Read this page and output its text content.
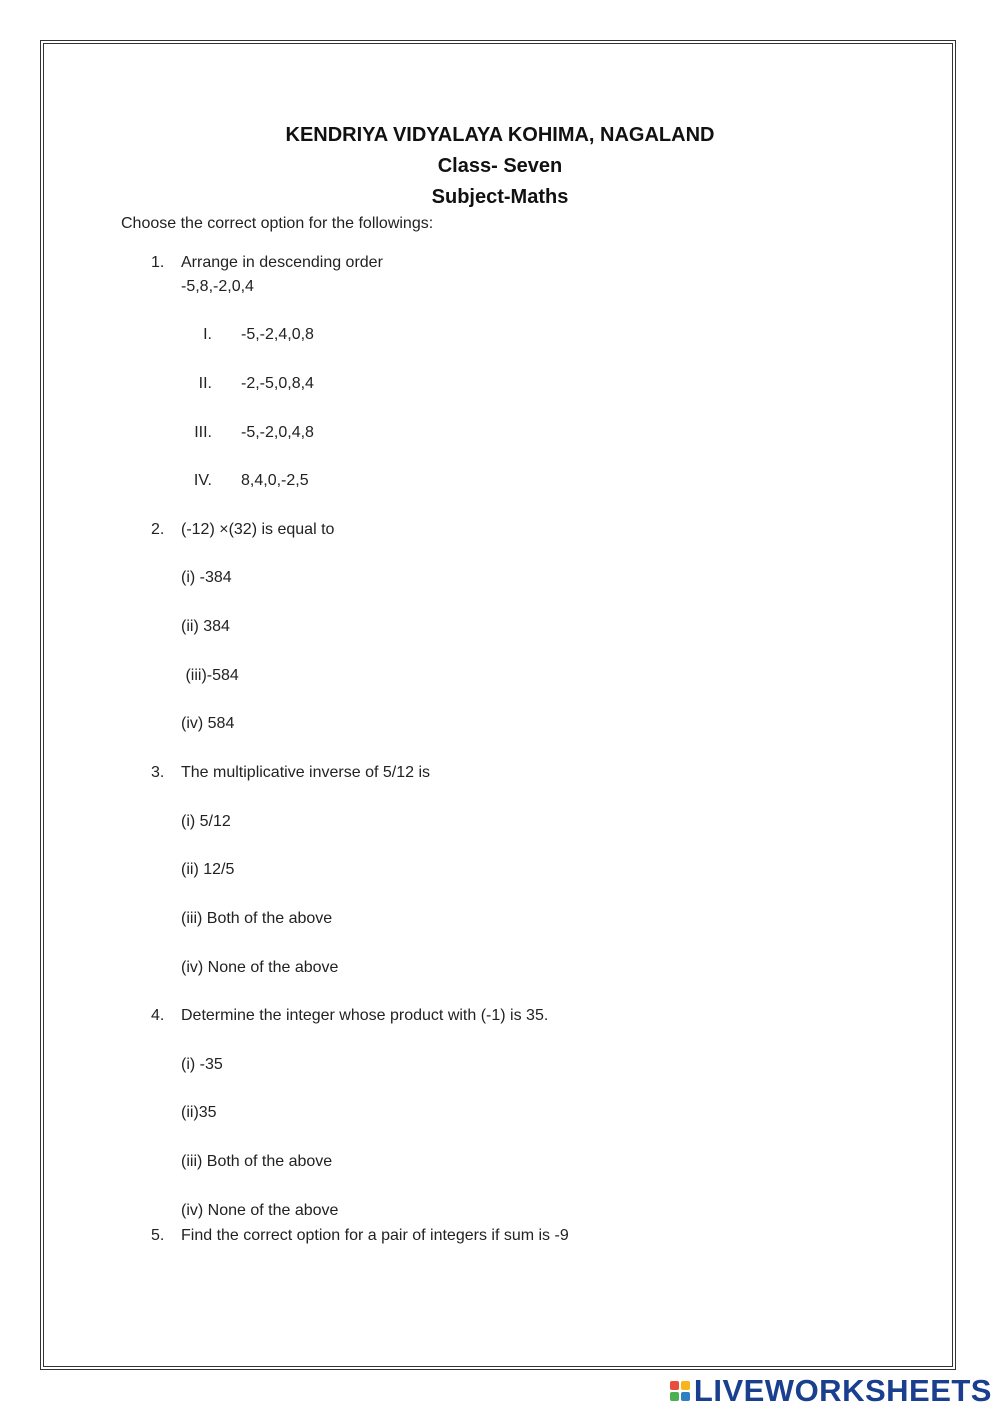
KENDRIYA VIDYALAYA KOHIMA, NAGALAND
Class- Seven
Subject-Maths
Choose the correct option for the followings:
1. Arrange in descending order
-5,8,-2,0,4
I. -5,-2,4,0,8
II. -2,-5,0,8,4
III. -5,-2,0,4,8
IV. 8,4,0,-2,5
2. (-12) ×(32) is equal to
(i) -384
(ii) 384
(iii)-584
(iv) 584
3. The multiplicative inverse of 5/12 is
(i) 5/12
(ii) 12/5
(iii) Both of the above
(iv) None of the above
4. Determine the integer whose product with (-1) is 35.
(i) -35
(ii)35
(iii) Both of the above
(iv) None of the above
5. Find the correct option for a pair of integers if sum is -9
LIVEWORKSHEETS
